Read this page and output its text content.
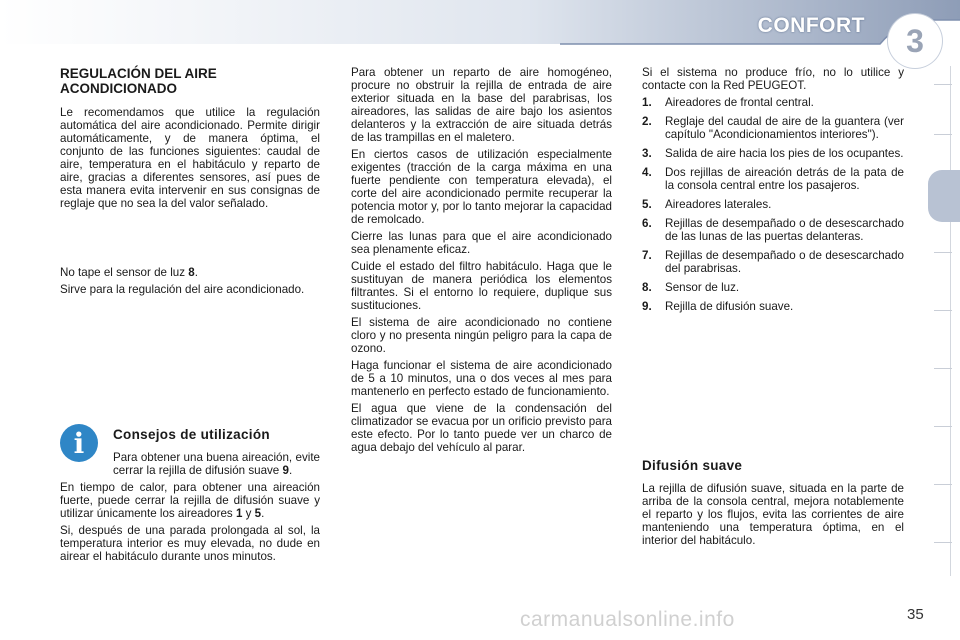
CONFORT	3
REGULACIÓN DEL AIRE ACONDICIONADO

Le recomendamos que utilice la regulación automática del aire acondicionado. Permite dirigir automáticamente, y de manera óptima, el conjunto de las funciones siguientes: caudal de aire, temperatura en el habitáculo y reparto de aire, gracias a diferentes sensores, así pues de esta manera evita intervenir en sus consignas de reglaje que no sea la del valor señalado.

No tape el sensor de luz 8.

Sirve para la regulación del aire acondicionado.

i	Consejos de utilización

Para obtener una buena aireación, evite cerrar la rejilla de difusión suave 9.

En tiempo de calor, para obtener una aireación fuerte, puede cerrar la rejilla de difusión suave y utilizar únicamente los aireadores 1 y 5.

Si, después de una parada prolongada al sol, la temperatura interior es muy elevada, no dude en airear el habitáculo durante unos minutos.

Para obtener un reparto de aire homogéneo, procure no obstruir la rejilla de entrada de aire exterior situada en la base del parabrisas, los aireadores, las salidas de aire bajo los asientos delanteros y la extracción de aire situada detrás de las trampillas en el maletero.

En ciertos casos de utilización especialmente exigentes (tracción de la carga máxima en una fuerte pendiente con temperatura elevada), el corte del aire acondicionado permite recuperar la potencia motor y, por lo tanto mejorar la capacidad de remolcado.

Cierre las lunas para que el aire acondicionado sea plenamente eficaz.

Cuide el estado del filtro habitáculo. Haga que le sustituyan de manera periódica los elementos filtrantes. Si el entorno lo requiere, duplique sus sustituciones.

El sistema de aire acondicionado no contiene cloro y no presenta ningún peligro para la capa de ozono.

Haga funcionar el sistema de aire acondicionado de 5 a 10 minutos, una o dos veces al mes para mantenerlo en perfecto estado de funcionamiento.

El agua que viene de la condensación del climatizador se evacua por un orificio previsto para este efecto. Por lo tanto puede ver un charco de agua debajo del vehículo al parar.

Si el sistema no produce frío, no lo utilice y contacte con la Red PEUGEOT.

1.	Aireadores de frontal central.
2.	Reglaje del caudal de aire de la guantera (ver capítulo "Acondicionamientos interiores").
3.	Salida de aire hacia los pies de los ocupantes.
4.	Dos rejillas de aireación detrás de la pata de la consola central entre los pasajeros.
5.	Aireadores laterales.
6.	Rejillas de desempañado o de desescarchado de las lunas de las puertas delanteras.
7.	Rejillas de desempañado o de desescarchado del parabrisas.
8.	Sensor de luz.
9.	Rejilla de difusión suave.
Difusión suave

La rejilla de difusión suave, situada en la parte de arriba de la consola central, mejora notablemente el reparto y los flujos, evita las corrientes de aire manteniendo una temperatura óptima, en el interior del habitáculo.

carmanualsonline.info	35
